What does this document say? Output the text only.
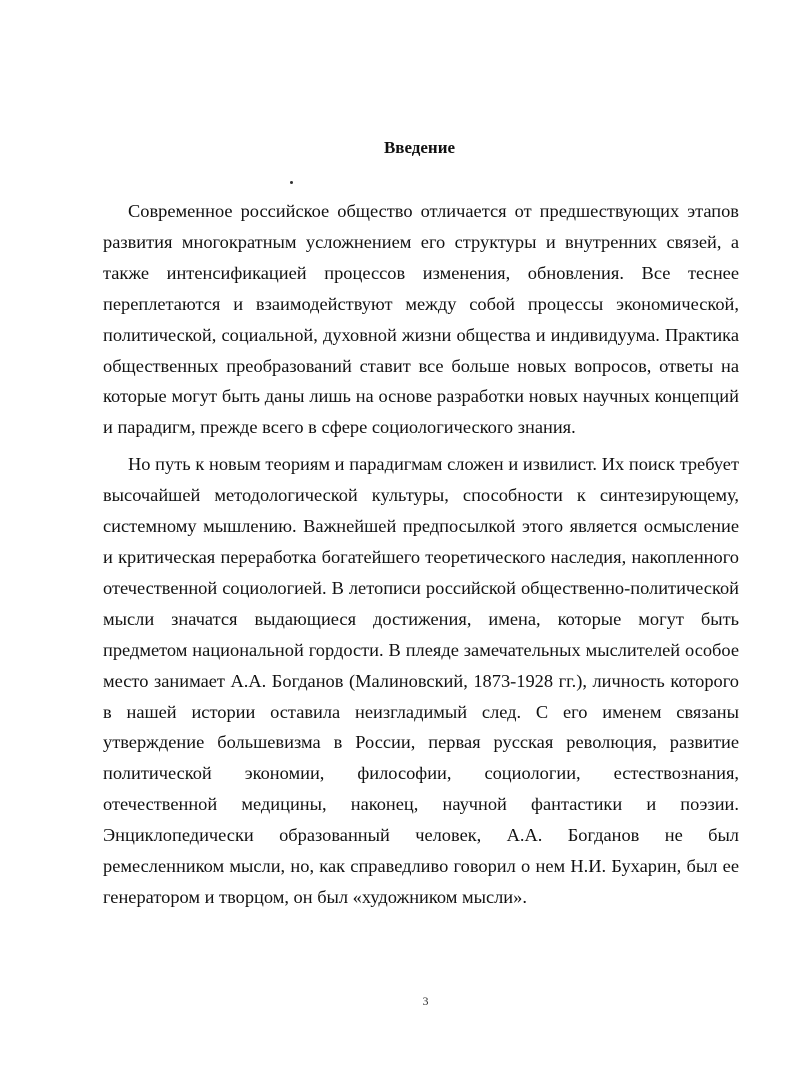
Введение

Современное российское общество отличается от предшествующих этапов развития многократным усложнением его структуры и внутренних связей, а также интенсификацией процессов изменения, обновления. Все теснее переплетаются и взаимодействуют между собой процессы экономической, политической, социальной, духовной жизни общества и индивидуума. Практика общественных преобразований ставит все больше новых вопросов, ответы на которые могут быть даны лишь на основе разработки новых научных концепций и парадигм, прежде всего в сфере социологического знания.

Но путь к новым теориям и парадигмам сложен и извилист. Их поиск требует высочайшей методологической культуры, способности к синтезирующему, системному мышлению. Важнейшей предпосылкой этого является осмысление и критическая переработка богатейшего теоретического наследия, накопленного отечественной социологией. В летописи российской общественно-политической мысли значатся выдающиеся достижения, имена, которые могут быть предметом национальной гордости. В плеяде замечательных мыслителей особое место занимает А.А. Богданов (Малиновский, 1873-1928 гг.), личность которого в нашей истории оставила неизгладимый след. С его именем связаны утверждение большевизма в России, первая русская революция, развитие политической экономии, философии, социологии, естествознания, отечественной медицины, наконец, научной фантастики и поэзии. Энциклопедически образованный человек, А.А. Богданов не был ремесленником мысли, но, как справедливо говорил о нем Н.И. Бухарин, был ее генератором и творцом, он был «художником мысли».

3
